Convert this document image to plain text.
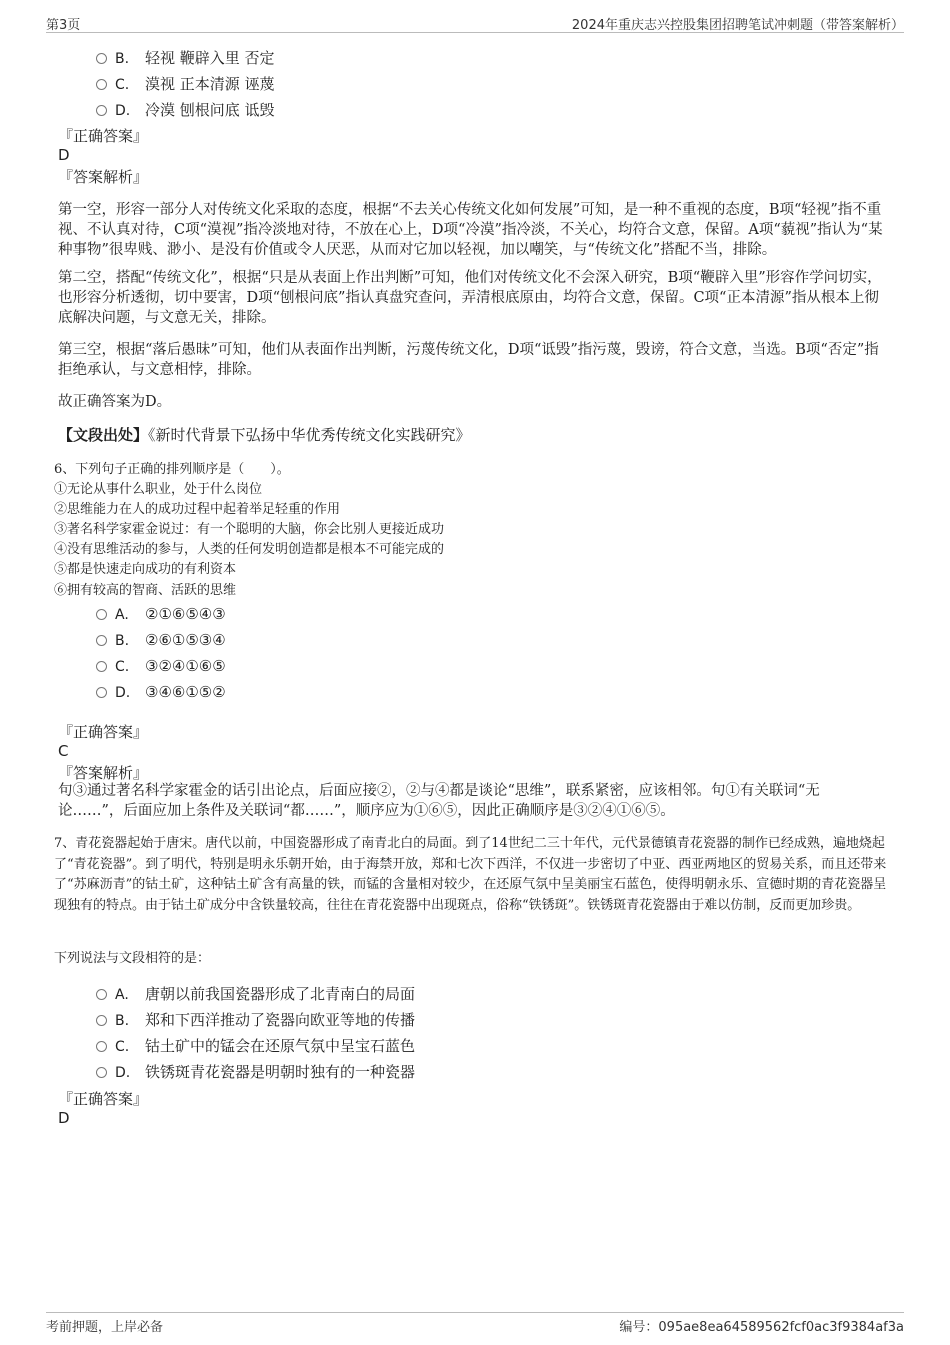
第3页	2024年重庆志兴控股集团招聘笔试冲刺题（带答案解析）
B. 轻视 鞭辟入里 否定
C. 漠视 正本清源 诬蔑
D. 冷漠 刨根问底 诋毁
『正确答案』
D
『答案解析』
第一空，形容一部分人对传统文化采取的态度，根据“不去关心传统文化如何发展”可知，是一种不重视的态度，B项“轻视”指不重视、不认真对待，C项“漠视”指冷淡地对待，不放在心上，D项“冷漠”指冷淡，不关心，均符合文意，保留。A项“藐视”指认为“某种事物”很卑贱、渺小、是没有价值或令人厌恶，从而对它加以轻视，加以嘲笑，与“传统文化”搭配不当，排除。
第二空，搭配“传统文化”，根据“只是从表面上作出判断”可知，他们对传统文化不会深入研究，B项“鞭辟入里”形容作学问切实，也形容分析透彻，切中要害，D项“刨根问底”指认真盘究查问，弄清根底原由，均符合文意，保留。C项“正本清源”指从根本上彻底解决问题，与文意无关，排除。
第三空，根据“落后愚昧”可知，他们从表面作出判断，污蔑传统文化，D项“诋毁”指污蔑，毁谤，符合文意，当选。B项“否定”指拒绝承认，与文意相悖，排除。
故正确答案为D。
【文段出处】《新时代背景下弘扬中华优秀传统文化实践研究》
6、下列句子正确的排列顺序是（　　）。
①无论从事什么职业，处于什么岗位
②思维能力在人的成功过程中起着举足轻重的作用
③著名科学家霍金说过：有一个聪明的大脑，你会比别人更接近成功
④没有思维活动的参与，人类的任何发明创造都是根本不可能完成的
⑤都是快速走向成功的有利资本
⑥拥有较高的智商、活跃的思维
A. ②①⑥⑤④③
B. ②⑥①⑤③④
C. ③②④①⑥⑤
D. ③④⑥①⑤②
『正确答案』
C
『答案解析』
句③通过著名科学家霍金的话引出论点，后面应接②，②与④都是谈论“思维”，联系紧密，应该相邻。句①有关联词“无论……”，后面应加上条件及关联词“都……”，顺序应为①⑥⑤，因此正确顺序是③②④①⑥⑤。
7、青花瓷器起始于唐宋。唐代以前，中国瓷器形成了南青北白的局面。到了14世纪二三十年代，元代景德镇青花瓷器的制作已经成熟，遍地烧起了“青花瓷器”。到了明代，特别是明永乐朝开始，由于海禁开放，郑和七次下西洋，不仅进一步密切了中亚、西亚两地区的贸易关系，而且还带来了“苏麻沥青”的钴土矿，这种钴土矿含有高量的铁，而锰的含量相对较少，在还原气氛中呈美丽宝石蓝色，使得明朝永乐、宣德时期的青花瓷器呈现独有的特点。由于钴土矿成分中含铁量较高，往往在青花瓷器中出现斑点，俗称“铁锈斑”。铁锈斑青花瓷器由于难以仿制，反而更加珍贵。
下列说法与文段相符的是：
A. 唐朝以前我国瓷器形成了北青南白的局面
B. 郑和下西洋推动了瓷器向欧亚等地的传播
C. 钴土矿中的锰会在还原气氛中呈宝石蓝色
D. 铁锈斑青花瓷器是明朝时独有的一种瓷器
『正确答案』
D
考前押题，上岸必备	编号：095ae8ea64589562fcf0ac3f9384af3a
